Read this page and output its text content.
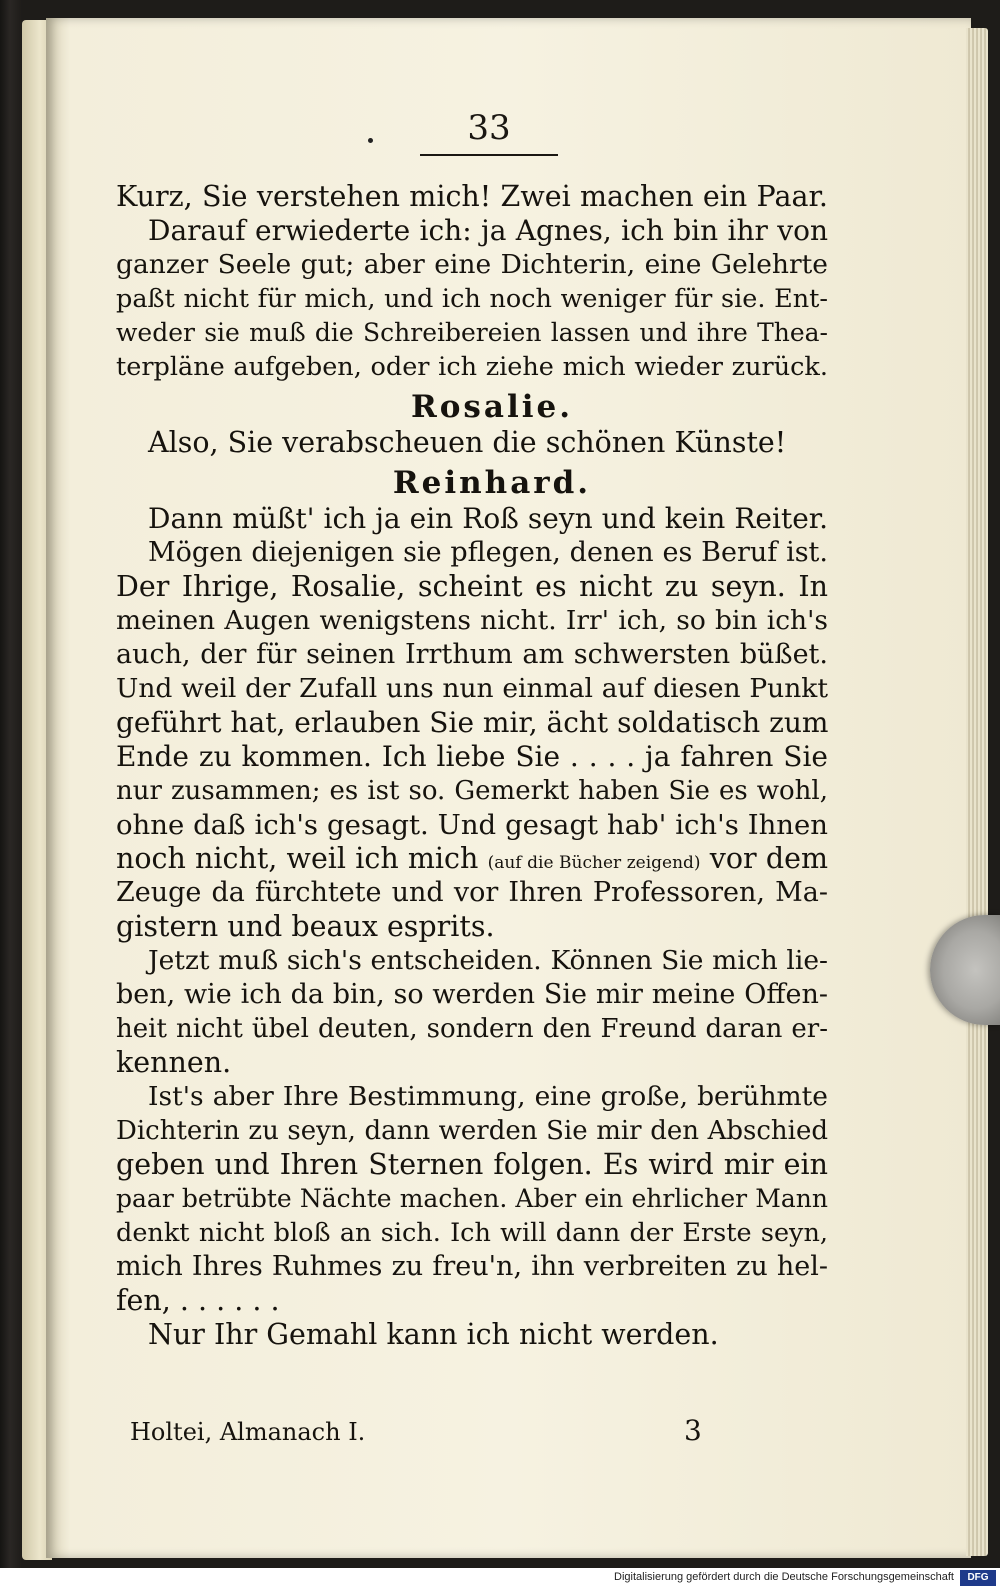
33
Kurz, Sie verstehen mich! Zwei machen ein Paar.
Darauf erwiederte ich: ja Agnes, ich bin ihr von
ganzer Seele gut; aber eine Dichterin, eine Gelehrte
paßt nicht für mich, und ich noch weniger für sie. Ent-
weder sie muß die Schreibereien lassen und ihre Thea-
terpläne aufgeben, oder ich ziehe mich wieder zurück.
Rosalie.
Also, Sie verabscheuen die schönen Künste!
Reinhard.
Dann müßt' ich ja ein Roß seyn und kein Reiter.
Mögen diejenigen sie pflegen, denen es Beruf ist.
Der Ihrige, Rosalie, scheint es nicht zu seyn. In
meinen Augen wenigstens nicht. Irr' ich, so bin ich's
auch, der für seinen Irrthum am schwersten büßet.
Und weil der Zufall uns nun einmal auf diesen Punkt
geführt hat, erlauben Sie mir, ächt soldatisch zum
Ende zu kommen. Ich liebe Sie . . . . ja fahren Sie
nur zusammen; es ist so. Gemerkt haben Sie es wohl,
ohne daß ich's gesagt. Und gesagt hab' ich's Ihnen
noch nicht, weil ich mich (auf die Bücher zeigend) vor dem
Zeuge da fürchtete und vor Ihren Professoren, Ma-
gistern und beaux esprits.
Jetzt muß sich's entscheiden. Können Sie mich lie-
ben, wie ich da bin, so werden Sie mir meine Offen-
heit nicht übel deuten, sondern den Freund daran er-
kennen.
Ist's aber Ihre Bestimmung, eine große, berühmte
Dichterin zu seyn, dann werden Sie mir den Abschied
geben und Ihren Sternen folgen. Es wird mir ein
paar betrübte Nächte machen. Aber ein ehrlicher Mann
denkt nicht bloß an sich. Ich will dann der Erste seyn,
mich Ihres Ruhmes zu freu'n, ihn verbreiten zu hel-
fen, . . . . . .
Nur Ihr Gemahl kann ich nicht werden.
Holtei, Almanach I.	3
Digitalisierung gefördert durch die Deutsche Forschungsgemeinschaft	DFG
